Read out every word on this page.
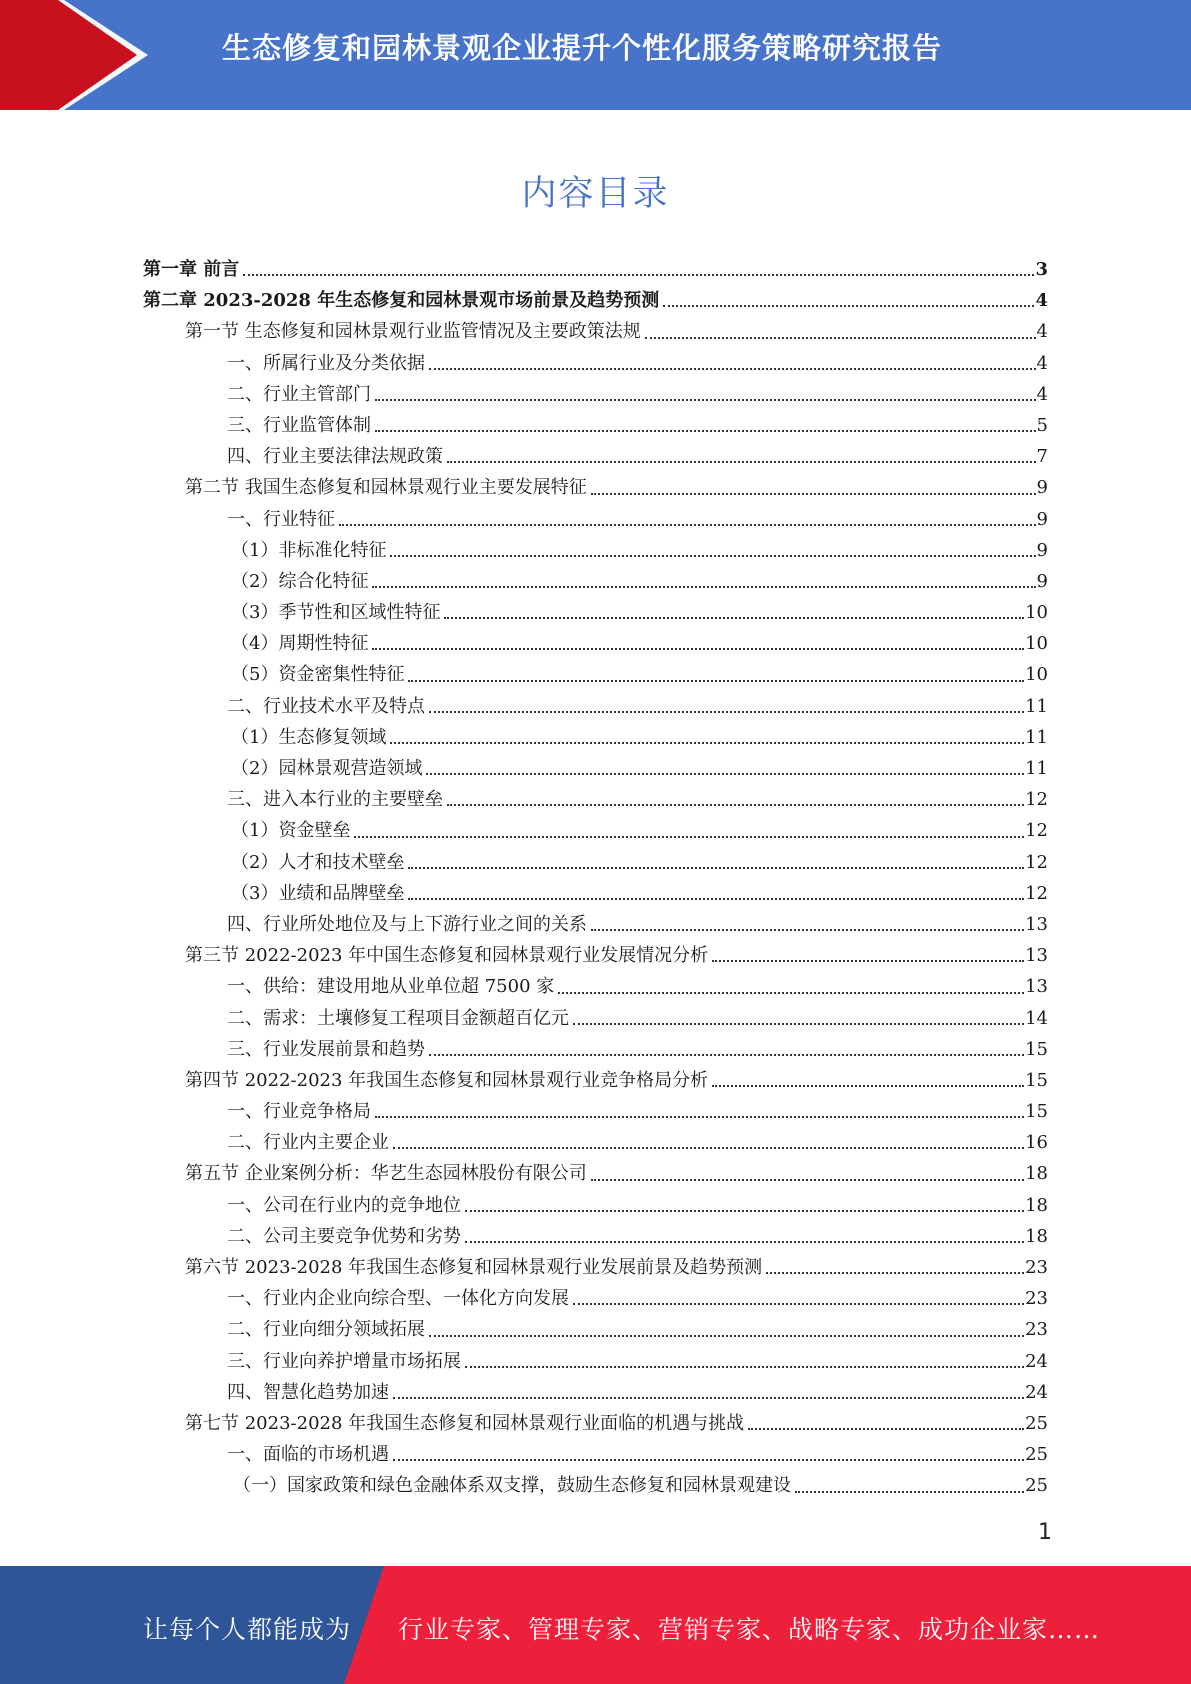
生态修复和园林景观企业提升个性化服务策略研究报告
内容目录
第一章 前言	3
第二章 2023-2028 年生态修复和园林景观市场前景及趋势预测	4
第一节 生态修复和园林景观行业监管情况及主要政策法规	4
一、所属行业及分类依据	4
二、行业主管部门	4
三、行业监管体制	5
四、行业主要法律法规政策	7
第二节 我国生态修复和园林景观行业主要发展特征	9
一、行业特征	9
（1）非标准化特征	9
（2）综合化特征	9
（3）季节性和区域性特征	10
（4）周期性特征	10
（5）资金密集性特征	10
二、行业技术水平及特点	11
（1）生态修复领域	11
（2）园林景观营造领域	11
三、进入本行业的主要壁垒	12
（1）资金壁垒	12
（2）人才和技术壁垒	12
（3）业绩和品牌壁垒	12
四、行业所处地位及与上下游行业之间的关系	13
第三节 2022-2023 年中国生态修复和园林景观行业发展情况分析	13
一、供给：建设用地从业单位超 7500 家	13
二、需求：土壤修复工程项目金额超百亿元	14
三、行业发展前景和趋势	15
第四节 2022-2023 年我国生态修复和园林景观行业竞争格局分析	15
一、行业竞争格局	15
二、行业内主要企业	16
第五节 企业案例分析：华艺生态园林股份有限公司	18
一、公司在行业内的竞争地位	18
二、公司主要竞争优势和劣势	18
第六节 2023-2028 年我国生态修复和园林景观行业发展前景及趋势预测	23
一、行业内企业向综合型、一体化方向发展	23
二、行业向细分领域拓展	23
三、行业向养护增量市场拓展	24
四、智慧化趋势加速	24
第七节 2023-2028 年我国生态修复和园林景观行业面临的机遇与挑战	25
一、面临的市场机遇	25
（一）国家政策和绿色金融体系双支撑，鼓励生态修复和园林景观建设	25
1
让每个人都能成为 行业专家、管理专家、营销专家、战略专家、成功企业家……
